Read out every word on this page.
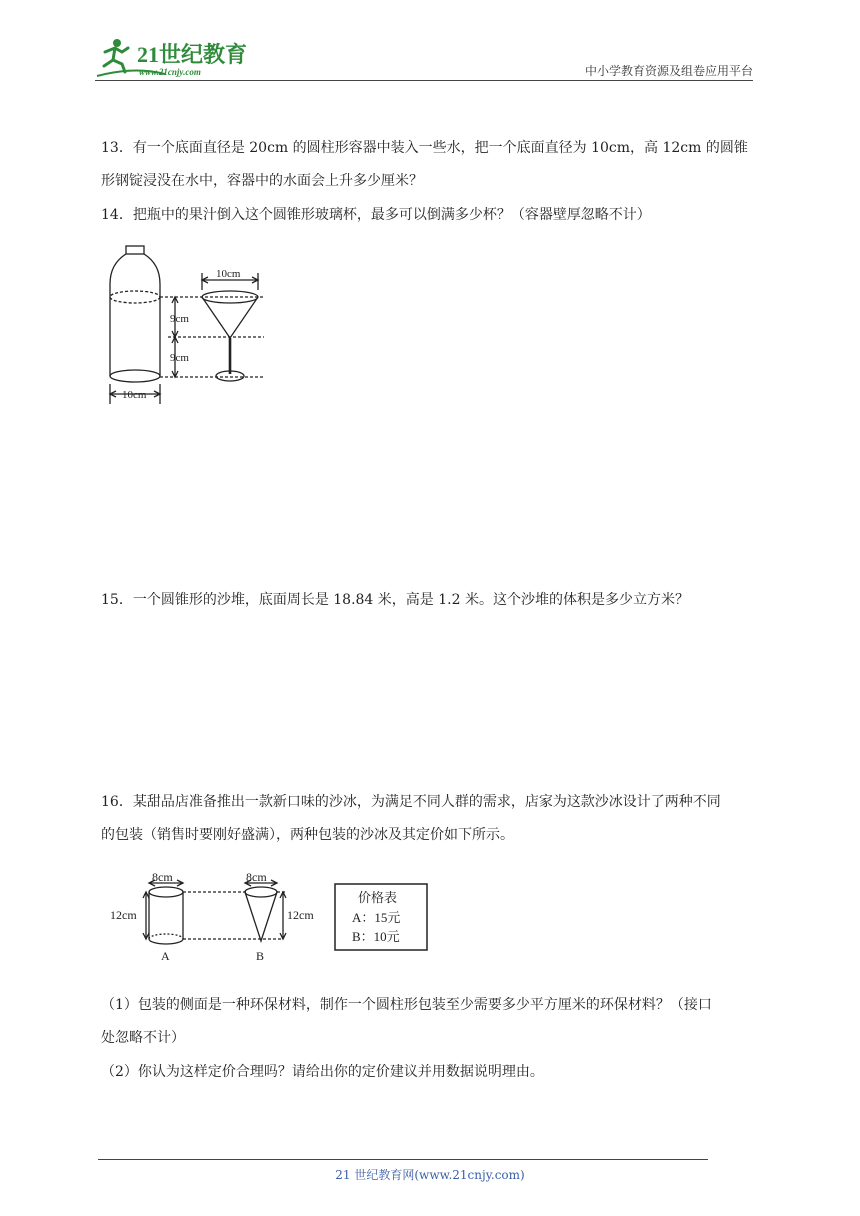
21世纪教育
www.21cnjy.com	中小学教育资源及组卷应用平台
13．有一个底面直径是 20cm 的圆柱形容器中装入一些水，把一个底面直径为 10cm，高 12cm 的圆锥
形钢锭浸没在水中，容器中的水面会上升多少厘米？
14．把瓶中的果汁倒入这个圆锥形玻璃杯，最多可以倒满多少杯？（容器壁厚忽略不计）
9cm
9cm
10cm
10cm
15．一个圆锥形的沙堆，底面周长是 18.84 米，高是 1.2 米。这个沙堆的体积是多少立方米？
16．某甜品店准备推出一款新口味的沙冰，为满足不同人群的需求，店家为这款沙冰设计了两种不同
的包装（销售时要刚好盛满），两种包装的沙冰及其定价如下所示。
8cm	8cm
12cm	12cm
A	B
价格表
A：15元
B：10元
（1）包装的侧面是一种环保材料，制作一个圆柱形包装至少需要多少平方厘米的环保材料？（接口
处忽略不计）
（2）你认为这样定价合理吗？请给出你的定价建议并用数据说明理由。
21 世纪教育网(www.21cnjy.com)
